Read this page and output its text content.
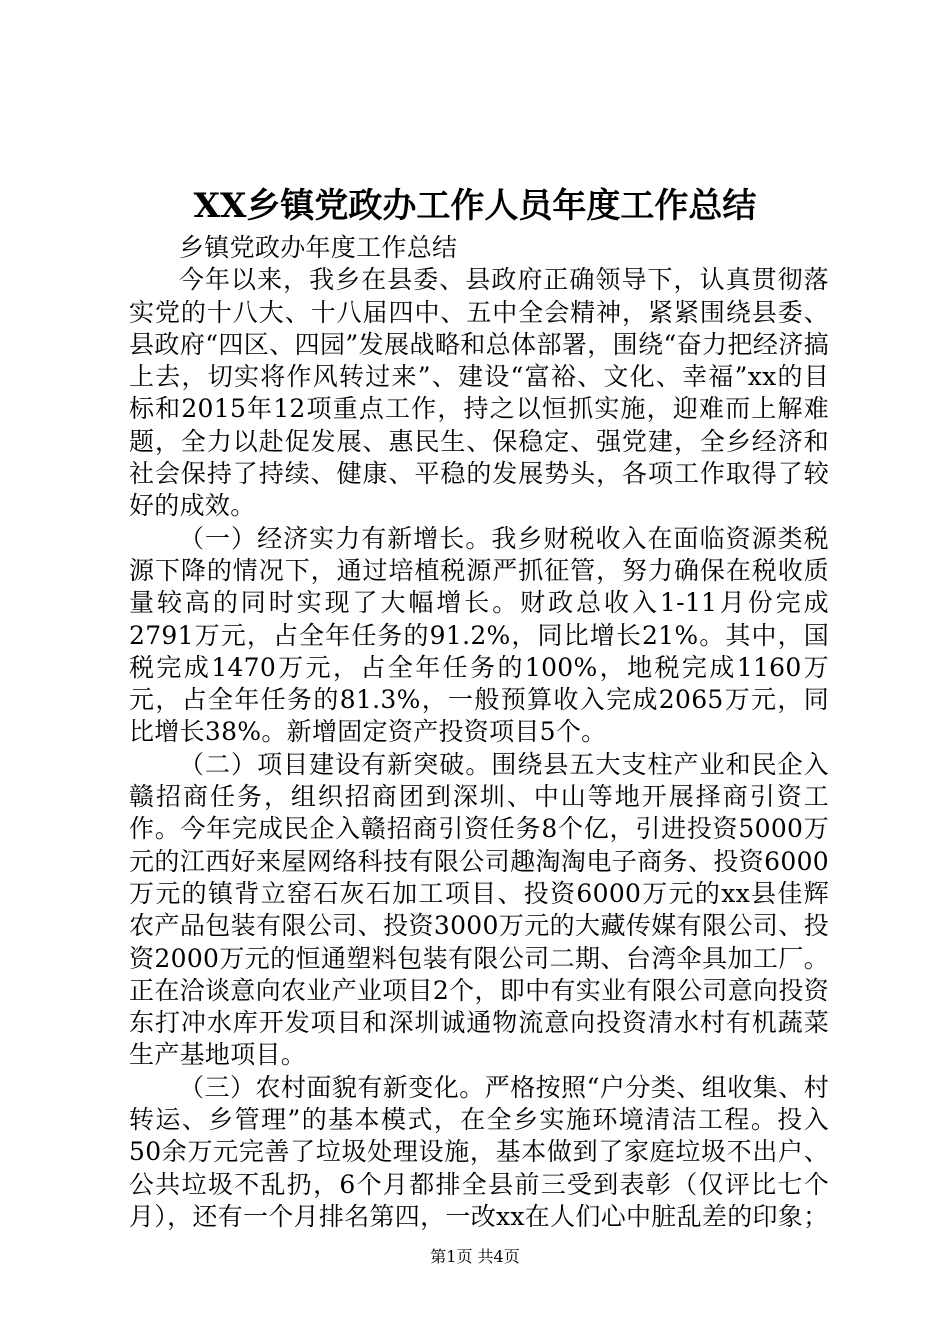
XX乡镇党政办工作人员年度工作总结

乡镇党政办年度工作总结

今年以来，我乡在县委、县政府正确领导下，认真贯彻落实党的十八大、十八届四中、五中全会精神，紧紧围绕县委、县政府“四区、四园”发展战略和总体部署，围绕“奋力把经济搞上去，切实将作风转过来”、建设“富裕、文化、幸福”xx的目标和2015年12项重点工作，持之以恒抓实施，迎难而上解难题，全力以赴促发展、惠民生、保稳定、强党建，全乡经济和社会保持了持续、健康、平稳的发展势头，各项工作取得了较好的成效。

（一）经济实力有新增长。我乡财税收入在面临资源类税源下降的情况下，通过培植税源严抓征管，努力确保在税收质量较高的同时实现了大幅增长。财政总收入1-11月份完成2791万元，占全年任务的91.2%，同比增长21%。其中，国税完成1470万元，占全年任务的100%，地税完成1160万元，占全年任务的81.3%，一般预算收入完成2065万元，同比增长38%。新增固定资产投资项目5个。

（二）项目建设有新突破。围绕县五大支柱产业和民企入赣招商任务，组织招商团到深圳、中山等地开展择商引资工作。今年完成民企入赣招商引资任务8个亿，引进投资5000万元的江西好来屋网络科技有限公司趣淘淘电子商务、投资6000万元的镇背立窑石灰石加工项目、投资6000万元的xx县佳辉农产品包装有限公司、投资3000万元的大藏传媒有限公司、投资2000万元的恒通塑料包装有限公司二期、台湾伞具加工厂。正在洽谈意向农业产业项目2个，即中有实业有限公司意向投资东打冲水库开发项目和深圳诚通物流意向投资清水村有机蔬菜生产基地项目。

（三）农村面貌有新变化。严格按照“户分类、组收集、村转运、乡管理”的基本模式，在全乡实施环境清洁工程。投入50余万元完善了垃圾处理设施，基本做到了家庭垃圾不出户、公共垃圾不乱扔，6个月都排全县前三受到表彰（仅评比七个月），还有一个月排名第四，一改xx在人们心中脏乱差的印象；

第1页 共4页
